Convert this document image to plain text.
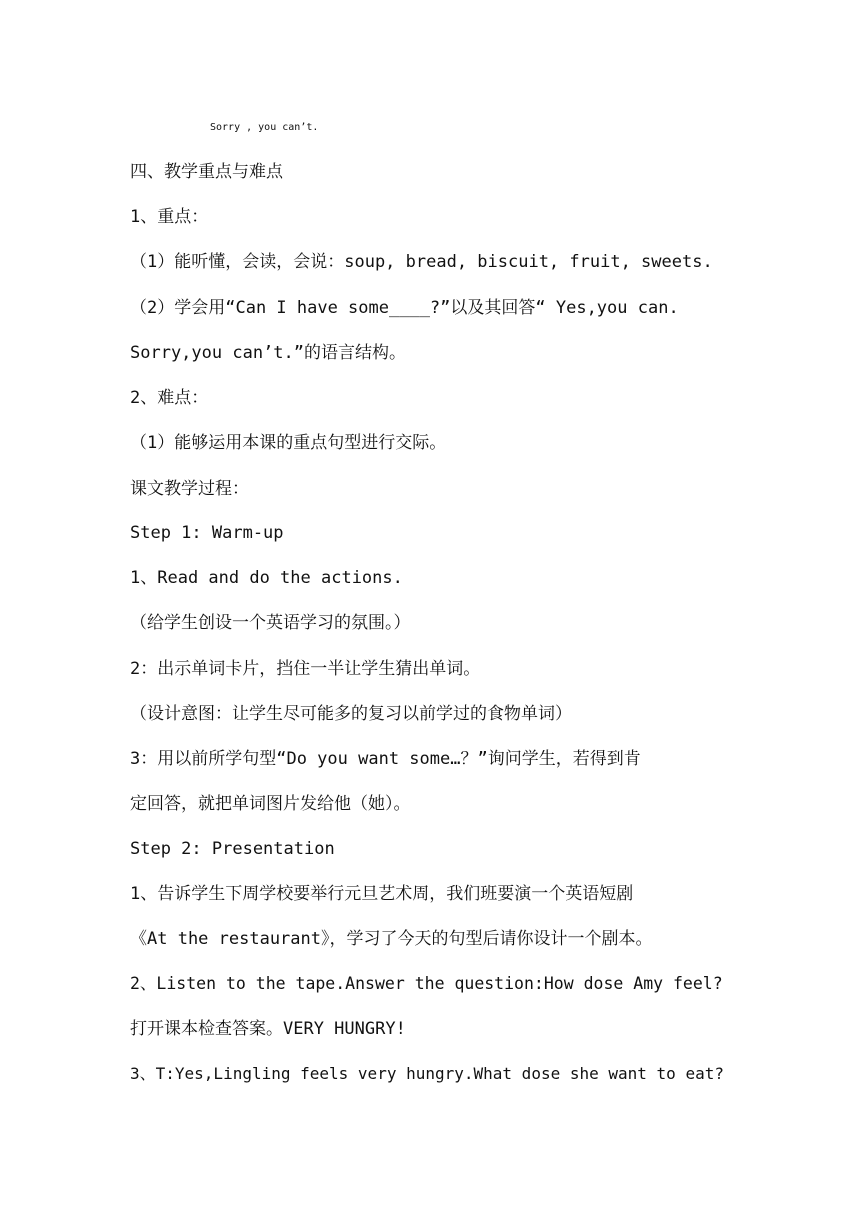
Sorry , you can’t.
四、教学重点与难点
1、重点：
（1）能听懂，会读，会说：soup, bread, biscuit, fruit, sweets.
（2）学会用“Can I have some____?”以及其回答“ Yes,you can.
Sorry,you can’t.”的语言结构。
2、难点：
（1）能够运用本课的重点句型进行交际。
课文教学过程：
Step 1: Warm-up
1、Read and do the actions.
（给学生创设一个英语学习的氛围。）
2：出示单词卡片，挡住一半让学生猜出单词。
（设计意图：让学生尽可能多的复习以前学过的食物单词）
3：用以前所学句型“Do you want some…？”询问学生，若得到肯
定回答，就把单词图片发给他（她）。
Step 2: Presentation
1、告诉学生下周学校要举行元旦艺术周，我们班要演一个英语短剧
《At the restaurant》，学习了今天的句型后请你设计一个剧本。
2、Listen to the tape.Answer the question:How dose Amy feel?
打开课本检查答案。VERY HUNGRY!
3、T:Yes,Lingling feels very hungry.What dose she want to eat?
